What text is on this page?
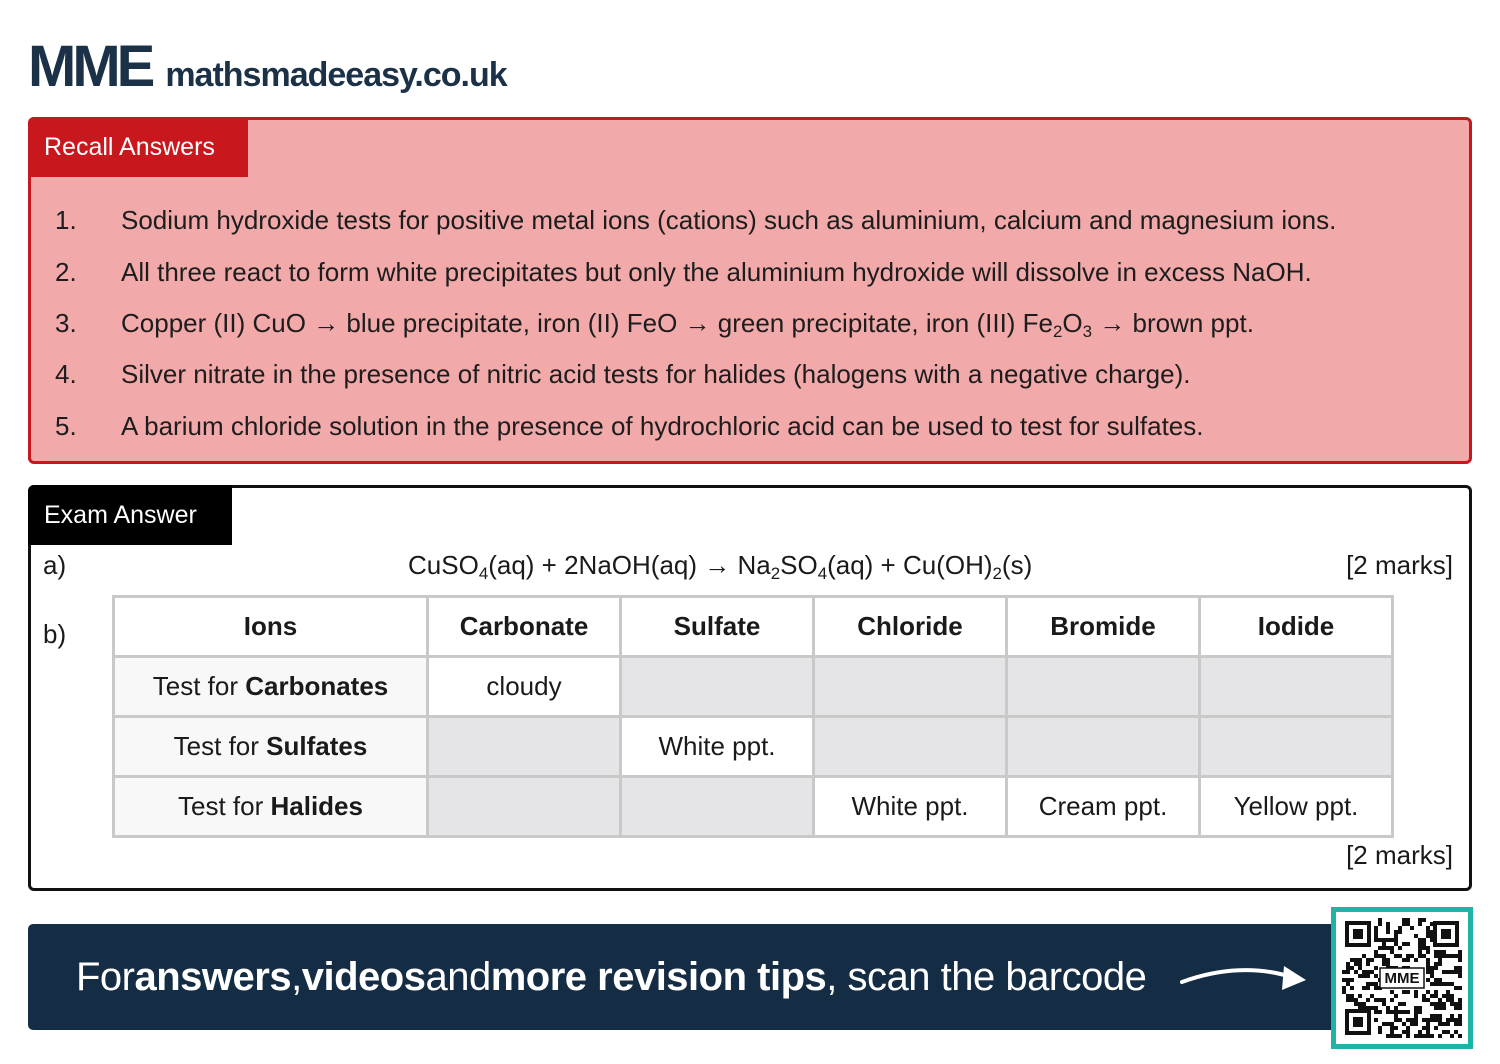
MME mathsmadeeasy.co.uk
Recall Answers
1.	Sodium hydroxide tests for positive metal ions (cations) such as aluminium, calcium and magnesium ions.
2.	All three react to form white precipitates but only the aluminium hydroxide will dissolve in excess NaOH.
3.	Copper (II) CuO → blue precipitate, iron (II) FeO → green precipitate, iron (III) $Fe_2O_3$ → brown ppt.
4.	Silver nitrate in the presence of nitric acid tests for halides (halogens with a negative charge).
5.	A barium chloride solution in the presence of hydrochloric acid can be used to test for sulfates.
Exam Answer
a)	CuSO$_4$(aq) + 2NaOH(aq) → $Na_2SO_4(aq) + Cu(OH)_2(s)$	[2 marks]
b)	Ions	Carbonate	Sulfate	Chloride	Bromide	Iodide
Test for Carbonates	cloudy				
Test for Sulfates		White ppt.			
Test for Halides			White ppt.	Cream ppt.	Yellow ppt.
[2 marks]
For answers , videos and more revision tips , scan the barcode	MME
